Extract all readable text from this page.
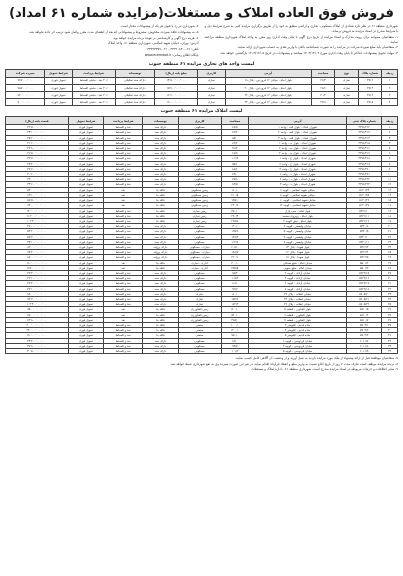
فروش فوق العاده املاک و مستغلات(مزایده شماره ۶۱ امداد)

شهرداری منطقه ۶۱ در نظر دارد تعدادی از املاک مسکونی، تجاری و اراضی متعلق به خود را از طریق برگزاری مزایده کتبی به شرح شرایط ذیل و با شرایط مندرج در اسناد مزایده به فروش برساند.

۱- متقاضیان میتوانند برای رویت مدارک و اسناد مزایده از تاریخ درج آگهی تا پایان وقت اداری روز مقرر به واحد املاک شهرداری منطقه مراجعه نمایند.

۲- متقاضیان باید مبلغ سپرده شرکت در مزایده را به صورت ضمانتنامه بانکی یا واریز نقدی به حساب شهرداری ارائه نمایند.

۳- مهلت تحویل پیشنهادات حداکثر تا پایان وقت اداری مورخ ۱۴۰۳/۱۲/۰۴ میباشد و پیشنهادات در تاریخ ۱۴۰۳/۱۲/۰۵ بازگشایی خواهد شد.

۴- شهرداری در رد یا قبول هر یک از پیشنهادات مختار است.

۵- به پیشنهادات فاقد سپرده، مخدوش، مشروط و پیشنهاداتی که بعد از انقضای مدت مقرر واصل شود ترتیب اثر داده نخواهد شد.

۶- هزینه درج آگهی و کارشناسی بر عهده برنده مزایده خواهد بود.

آدرس: تهران، خیابان شهید اسلامی، شهرداری منطقه ۶۱، واحد املاک

تلفن: ۰۲۱-۳۳۲۲۰۸۳۰ - ۰۲۱-۳۳۳۹۳۳۷۷

پایگاه اطلاع رسانی: www.ecemdad.ir

لیست واحد های تجاری مزایده ۶۱ منطقه جنوب
ردیف	شماره پلاک	نوع	مساحت	آدرس	کاربری	مبلغ پایه (ریال)	توضیحات	شرایط پرداخت	شرایط تحویل	سپرده شرکت
۱	۴۹۱۲	تجاری	۲۶/۴	بلوار امام - خیابان ۱۲ فروردین - پلاک ۱۸	تجاری	۱۴٬۵۰۰٬۰۰۰٬۰۰۰	دارای سند تفکیکی	۳۰٪ نقد - مابقی اقساط	تحویل فوری	۷۲۵٬۰۰۰٬۰۰۰
۲	۴۹۱۳	تجاری	۲۸/۶	بلوار امام - خیابان ۱۲ فروردین - پلاک ۲۰	تجاری	۱۵٬۷۰۰٬۰۰۰٬۰۰۰	دارای سند تفکیکی	۳۰٪ نقد - مابقی اقساط	تحویل فوری	۷۸۵٬۰۰۰٬۰۰۰
۳	۴۹۱۴	تجاری	۳۰/۲	بلوار امام - خیابان ۱۲ فروردین - پلاک ۲۲	تجاری	۱۶٬۶۰۰٬۰۰۰٬۰۰۰	دارای سند تفکیکی	۳۰٪ نقد - مابقی اقساط	تحویل فوری	۸۳۰٬۰۰۰٬۰۰۰
۴	۴۹۱۵	تجاری	۳۲/۸	بلوار امام - خیابان ۱۲ فروردین - پلاک ۲۴	تجاری	۱۸٬۰۰۰٬۰۰۰٬۰۰۰	دارای سند تفکیکی	۳۰٪ نقد - مابقی اقساط	تحویل فوری	۹۰۰٬۰۰۰٬۰۰۰
لیست املاک مزایده ۶۱ منطقه جنوب
ردیف	شماره پلاک ثبتی	آدرس	مساحت	کاربری	توضیحات	شرایط پرداخت	شرایط تحویل	قیمت پایه (ریال)
۱	۴۳۷۶/۲۱۲	شهرک امداد - بلوک الف - واحد ۱	۷۸/۵	مسکونی	دارای سند	نقد و اقساط	تحویل فوری	۳۲٬۵۰۰٬۰۰۰٬۰۰۰
۲	۴۳۷۶/۲۱۳	شهرک امداد - بلوک الف - واحد ۲	۸۲/۳	مسکونی	دارای سند	نقد و اقساط	تحویل فوری	۳۴٬۱۰۰٬۰۰۰٬۰۰۰
۳	۴۳۷۶/۲۱۴	شهرک امداد - بلوک الف - واحد ۳	۸۵/۰	مسکونی	دارای سند	نقد و اقساط	تحویل فوری	۳۵٬۲۰۰٬۰۰۰٬۰۰۰
۴	۴۳۷۶/۲۱۵	شهرک امداد - بلوک ب - واحد ۱	۷۶/۲	مسکونی	دارای سند	نقد و اقساط	تحویل فوری	۳۱٬۶۰۰٬۰۰۰٬۰۰۰
۵	۴۳۷۶/۲۱۶	شهرک امداد - بلوک ب - واحد ۲	۹۱/۴	مسکونی	دارای سند	نقد و اقساط	تحویل فوری	۳۷٬۸۰۰٬۰۰۰٬۰۰۰
۶	۴۳۷۶/۲۱۷	شهرک امداد - بلوک ب - واحد ۳	۶۸/۹	مسکونی	دارای سند	نقد و اقساط	تحویل فوری	۲۸٬۵۰۰٬۰۰۰٬۰۰۰
۷	۴۳۷۶/۲۱۸	شهرک امداد - بلوک ج - واحد ۱	۱۰۲/۷	مسکونی	دارای سند	نقد و اقساط	تحویل فوری	۴۲٬۵۰۰٬۰۰۰٬۰۰۰
۸	۴۳۷۶/۲۱۹	شهرک امداد - بلوک ج - واحد ۲	۹۵/۱	مسکونی	دارای سند	نقد و اقساط	تحویل فوری	۳۹٬۴۰۰٬۰۰۰٬۰۰۰
۹	۴۳۷۶/۲۲۰	شهرک امداد - بلوک ج - واحد ۳	۸۸/۶	مسکونی	دارای سند	نقد و اقساط	تحویل فوری	۳۶٬۷۰۰٬۰۰۰٬۰۰۰
۱۰	۴۳۷۶/۲۲۱	شهرک امداد - بلوک د - واحد ۱	۷۴/۰	مسکونی	دارای سند	نقد و اقساط	تحویل فوری	۳۰٬۶۰۰٬۰۰۰٬۰۰۰
۱۱	۴۳۷۶/۲۲۲	شهرک امداد - بلوک د - واحد ۲	۷۹/۸	مسکونی	دارای سند	نقد و اقساط	تحویل فوری	۳۳٬۰۰۰٬۰۰۰٬۰۰۰
۱۲	۴۳۷۶/۲۲۳	شهرک امداد - بلوک د - واحد ۳	۸۳/۵	مسکونی	دارای سند	نقد و اقساط	تحویل فوری	۳۴٬۶۰۰٬۰۰۰٬۰۰۰
۱۳	۵۱۲۰/۴۴	خیابان شهید اسلامی - کوچه ۶	۱۸۰/۰	زمین مسکونی	فاقد بنا	نقد	تحویل فوری	۵۴٬۰۰۰٬۰۰۰٬۰۰۰
۱۴	۵۱۲۰/۴۵	خیابان شهید اسلامی - کوچه ۸	۲۱۰/۵	زمین مسکونی	فاقد بنا	نقد	تحویل فوری	۶۳٬۱۰۰٬۰۰۰٬۰۰۰
۱۵	۵۱۲۰/۴۶	خیابان شهید اسلامی - کوچه ۱۰	۱۹۵/۰	زمین مسکونی	فاقد بنا	نقد	تحویل فوری	۵۸٬۵۰۰٬۰۰۰٬۰۰۰
۱۶	۵۱۲۰/۴۷	خیابان شهید اسلامی - کوچه ۱۲	۲۴۰/۲	زمین مسکونی	فاقد بنا	نقد	تحویل فوری	۷۲٬۰۰۰٬۰۰۰٬۰۰۰
۱۷	۵۲۳۱/۱۰	بلوار امام - جنب پارک	۳۵۰/۰	زمین تجاری	فاقد بنا	نقد و اقساط	تحویل فوری	۱۴۰٬۰۰۰٬۰۰۰٬۰۰۰
۱۸	۵۲۳۱/۱۱	بلوار امام - روبروی مسجد	۲۹۰/۴	زمین تجاری	فاقد بنا	نقد و اقساط	تحویل فوری	۱۱۶٬۰۰۰٬۰۰۰٬۰۰۰
۱۹	۵۲۳۱/۱۲	بلوار امام - نبش کوچه ۴	۲۶۵/۸	زمین تجاری	فاقد بنا	نقد و اقساط	تحویل فوری	۱۰۶٬۳۰۰٬۰۰۰٬۰۰۰
۲۰	۵۳۴۰/۸	خیابان ولیعصر - کوچه ۳	۱۲۰/۰	مسکونی	دارای سند	نقد و اقساط	تحویل فوری	۴۸٬۰۰۰٬۰۰۰٬۰۰۰
۲۱	۵۳۴۰/۹	خیابان ولیعصر - کوچه ۵	۱۳۵/۶	مسکونی	دارای سند	نقد و اقساط	تحویل فوری	۵۴٬۲۰۰٬۰۰۰٬۰۰۰
۲۲	۵۳۴۰/۱۰	خیابان ولیعصر - کوچه ۷	۱۴۸/۳	مسکونی	دارای سند	نقد و اقساط	تحویل فوری	۵۹٬۳۰۰٬۰۰۰٬۰۰۰
۲۳	۵۳۴۰/۱۱	خیابان ولیعصر - کوچه ۹	۱۱۲/۹	مسکونی	دارای سند	نقد و اقساط	تحویل فوری	۴۵٬۱۰۰٬۰۰۰٬۰۰۰
۲۴	۵۴۱۲/۳	بلوار شهدا - پلاک ۱۴	۲۰۵/۰	تجاری - مسکونی	دارای پروانه	نقد و اقساط	تحویل فوری	۸۲٬۰۰۰٬۰۰۰٬۰۰۰
۲۵	۵۴۱۲/۴	بلوار شهدا - پلاک ۱۶	۱۹۸/۷	تجاری - مسکونی	دارای پروانه	نقد و اقساط	تحویل فوری	۷۹٬۴۰۰٬۰۰۰٬۰۰۰
۲۶	۵۴۱۲/۵	بلوار شهدا - پلاک ۱۸	۲۲۰/۱	تجاری - مسکونی	دارای پروانه	نقد و اقساط	تحویل فوری	۸۸٬۰۰۰٬۰۰۰٬۰۰۰
۲۷	۵۵۰۱/۲	میدان امام - ضلع شمالی	۴۰۰/۰	اداری - تجاری	فاقد بنا	نقد	تحویل فوری	۱۸۰٬۰۰۰٬۰۰۰٬۰۰۰
۲۸	۵۵۰۱/۳	میدان امام - ضلع جنوبی	۳۷۵/۵	اداری - تجاری	فاقد بنا	نقد	تحویل فوری	۱۶۹٬۰۰۰٬۰۰۰٬۰۰۰
۲۹	۵۶۲۲/۱۵	خیابان آزادی - کوچه ۲	۹۸/۴	مسکونی	دارای سند	نقد و اقساط	تحویل فوری	۳۹٬۴۰۰٬۰۰۰٬۰۰۰
۳۰	۵۶۲۲/۱۶	خیابان آزادی - کوچه ۴	۱۰۵/۲	مسکونی	دارای سند	نقد و اقساط	تحویل فوری	۴۲٬۱۰۰٬۰۰۰٬۰۰۰
۳۱	۵۶۲۲/۱۷	خیابان آزادی - کوچه ۶	۱۱۸/۰	مسکونی	دارای سند	نقد و اقساط	تحویل فوری	۴۷٬۲۰۰٬۰۰۰٬۰۰۰
۳۲	۵۶۲۲/۱۸	خیابان آزادی - کوچه ۸	۹۲/۷	مسکونی	دارای سند	نقد و اقساط	تحویل فوری	۳۷٬۱۰۰٬۰۰۰٬۰۰۰
۳۳	۵۷۰۵/۲۰	خیابان انقلاب - پلاک ۳۲	۱۶۰/۰	تجاری	دارای سند	نقد و اقساط	تحویل فوری	۹۶٬۰۰۰٬۰۰۰٬۰۰۰
۳۴	۵۷۰۵/۲۱	خیابان انقلاب - پلاک ۳۴	۱۵۴/۶	تجاری	دارای سند	نقد و اقساط	تحویل فوری	۹۲٬۷۰۰٬۰۰۰٬۰۰۰
۳۵	۵۷۰۵/۲۲	خیابان انقلاب - پلاک ۳۶	۱۷۲/۳	تجاری	دارای سند	نقد و اقساط	تحویل فوری	۱۰۳٬۴۰۰٬۰۰۰٬۰۰۰
۳۶	۵۸۱۰/۵	بلوار کشاورز - قطعه ۵	۵۰۰/۰	زمین کشاورزی	فاقد بنا	نقد	تحویل فوری	۷۵٬۰۰۰٬۰۰۰٬۰۰۰
۳۷	۵۸۱۰/۶	بلوار کشاورز - قطعه ۶	۵۲۰/۰	زمین کشاورزی	فاقد بنا	نقد	تحویل فوری	۷۸٬۰۰۰٬۰۰۰٬۰۰۰
۳۸	۵۸۱۰/۷	بلوار کشاورز - قطعه ۷	۴۸۵/۰	زمین کشاورزی	فاقد بنا	نقد	تحویل فوری	۷۲٬۸۰۰٬۰۰۰٬۰۰۰
۳۹	۵۹۰۳/۱	جاده قدیم - کیلومتر ۳	۱۰۰۰/۰	صنعتی	فاقد بنا	نقد و اقساط	تحویل فوری	۲۰۰٬۰۰۰٬۰۰۰٬۰۰۰
۴۰	۵۹۰۳/۲	جاده قدیم - کیلومتر ۴	۱۲۰۰/۰	صنعتی	فاقد بنا	نقد و اقساط	تحویل فوری	۲۴۰٬۰۰۰٬۰۰۰٬۰۰۰
۴۱	۵۹۰۳/۳	جاده قدیم - کیلومتر ۵	۹۵۰/۰	صنعتی	فاقد بنا	نقد و اقساط	تحویل فوری	۱۹۰٬۰۰۰٬۰۰۰٬۰۰۰
۴۲	۶۰۱۱/۷	خیابان فردوسی - کوچه ۱	۸۶/۰	مسکونی	دارای سند	نقد و اقساط	تحویل فوری	۳۴٬۴۰۰٬۰۰۰٬۰۰۰
۴۳	۶۰۱۱/۸	خیابان فردوسی - کوچه ۳	۹۴/۵	مسکونی	دارای سند	نقد و اقساط	تحویل فوری	۳۷٬۸۰۰٬۰۰۰٬۰۰۰
۴۴	۶۰۱۱/۹	خیابان فردوسی - کوچه ۵	۱۰۱/۲	مسکونی	دارای سند	نقد و اقساط	تحویل فوری	۴۰٬۵۰۰٬۰۰۰٬۰۰۰

۷- متقاضیان موظفند قبل از ارائه پیشنهاد از ملک مورد مزایده بازدید به عمل آورند و از وضعیت آن آگاهی کامل کسب نمایند.

۸- برنده مزایده موظف است ظرف مدت ۷ روز از تاریخ ابلاغ نسبت به واریز مبلغ و انعقاد قرارداد اقدام نماید، در غیر این صورت سپرده وی به نفع شهرداری ضبط خواهد شد.

۹- سایر اطلاعات و جزئیات مربوطه در اسناد مزایده مندرج است. شهرداری منطقه ۶۱ - اداره املاک و مستغلات
